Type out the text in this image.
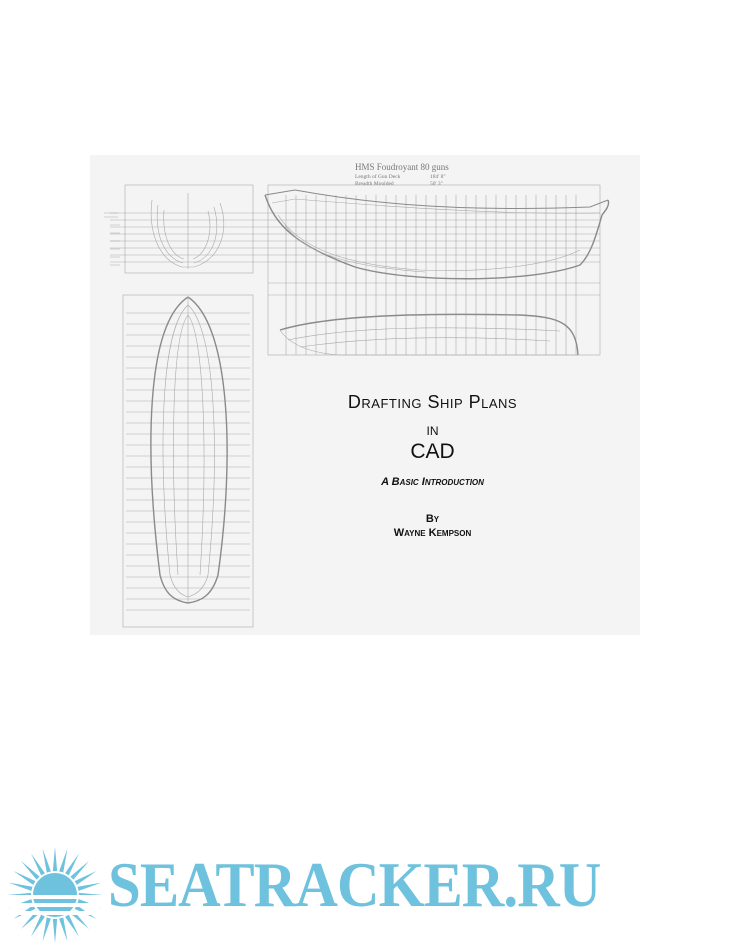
HMS Foudroyant 80 guns
Length of Gun Deck	184' 8"
Breadth Moulded	50' 3"
Drafting Ship Plans
in
CAD
A Basic Introduction
By
Wayne Kempson
SEATRACKER.RU
